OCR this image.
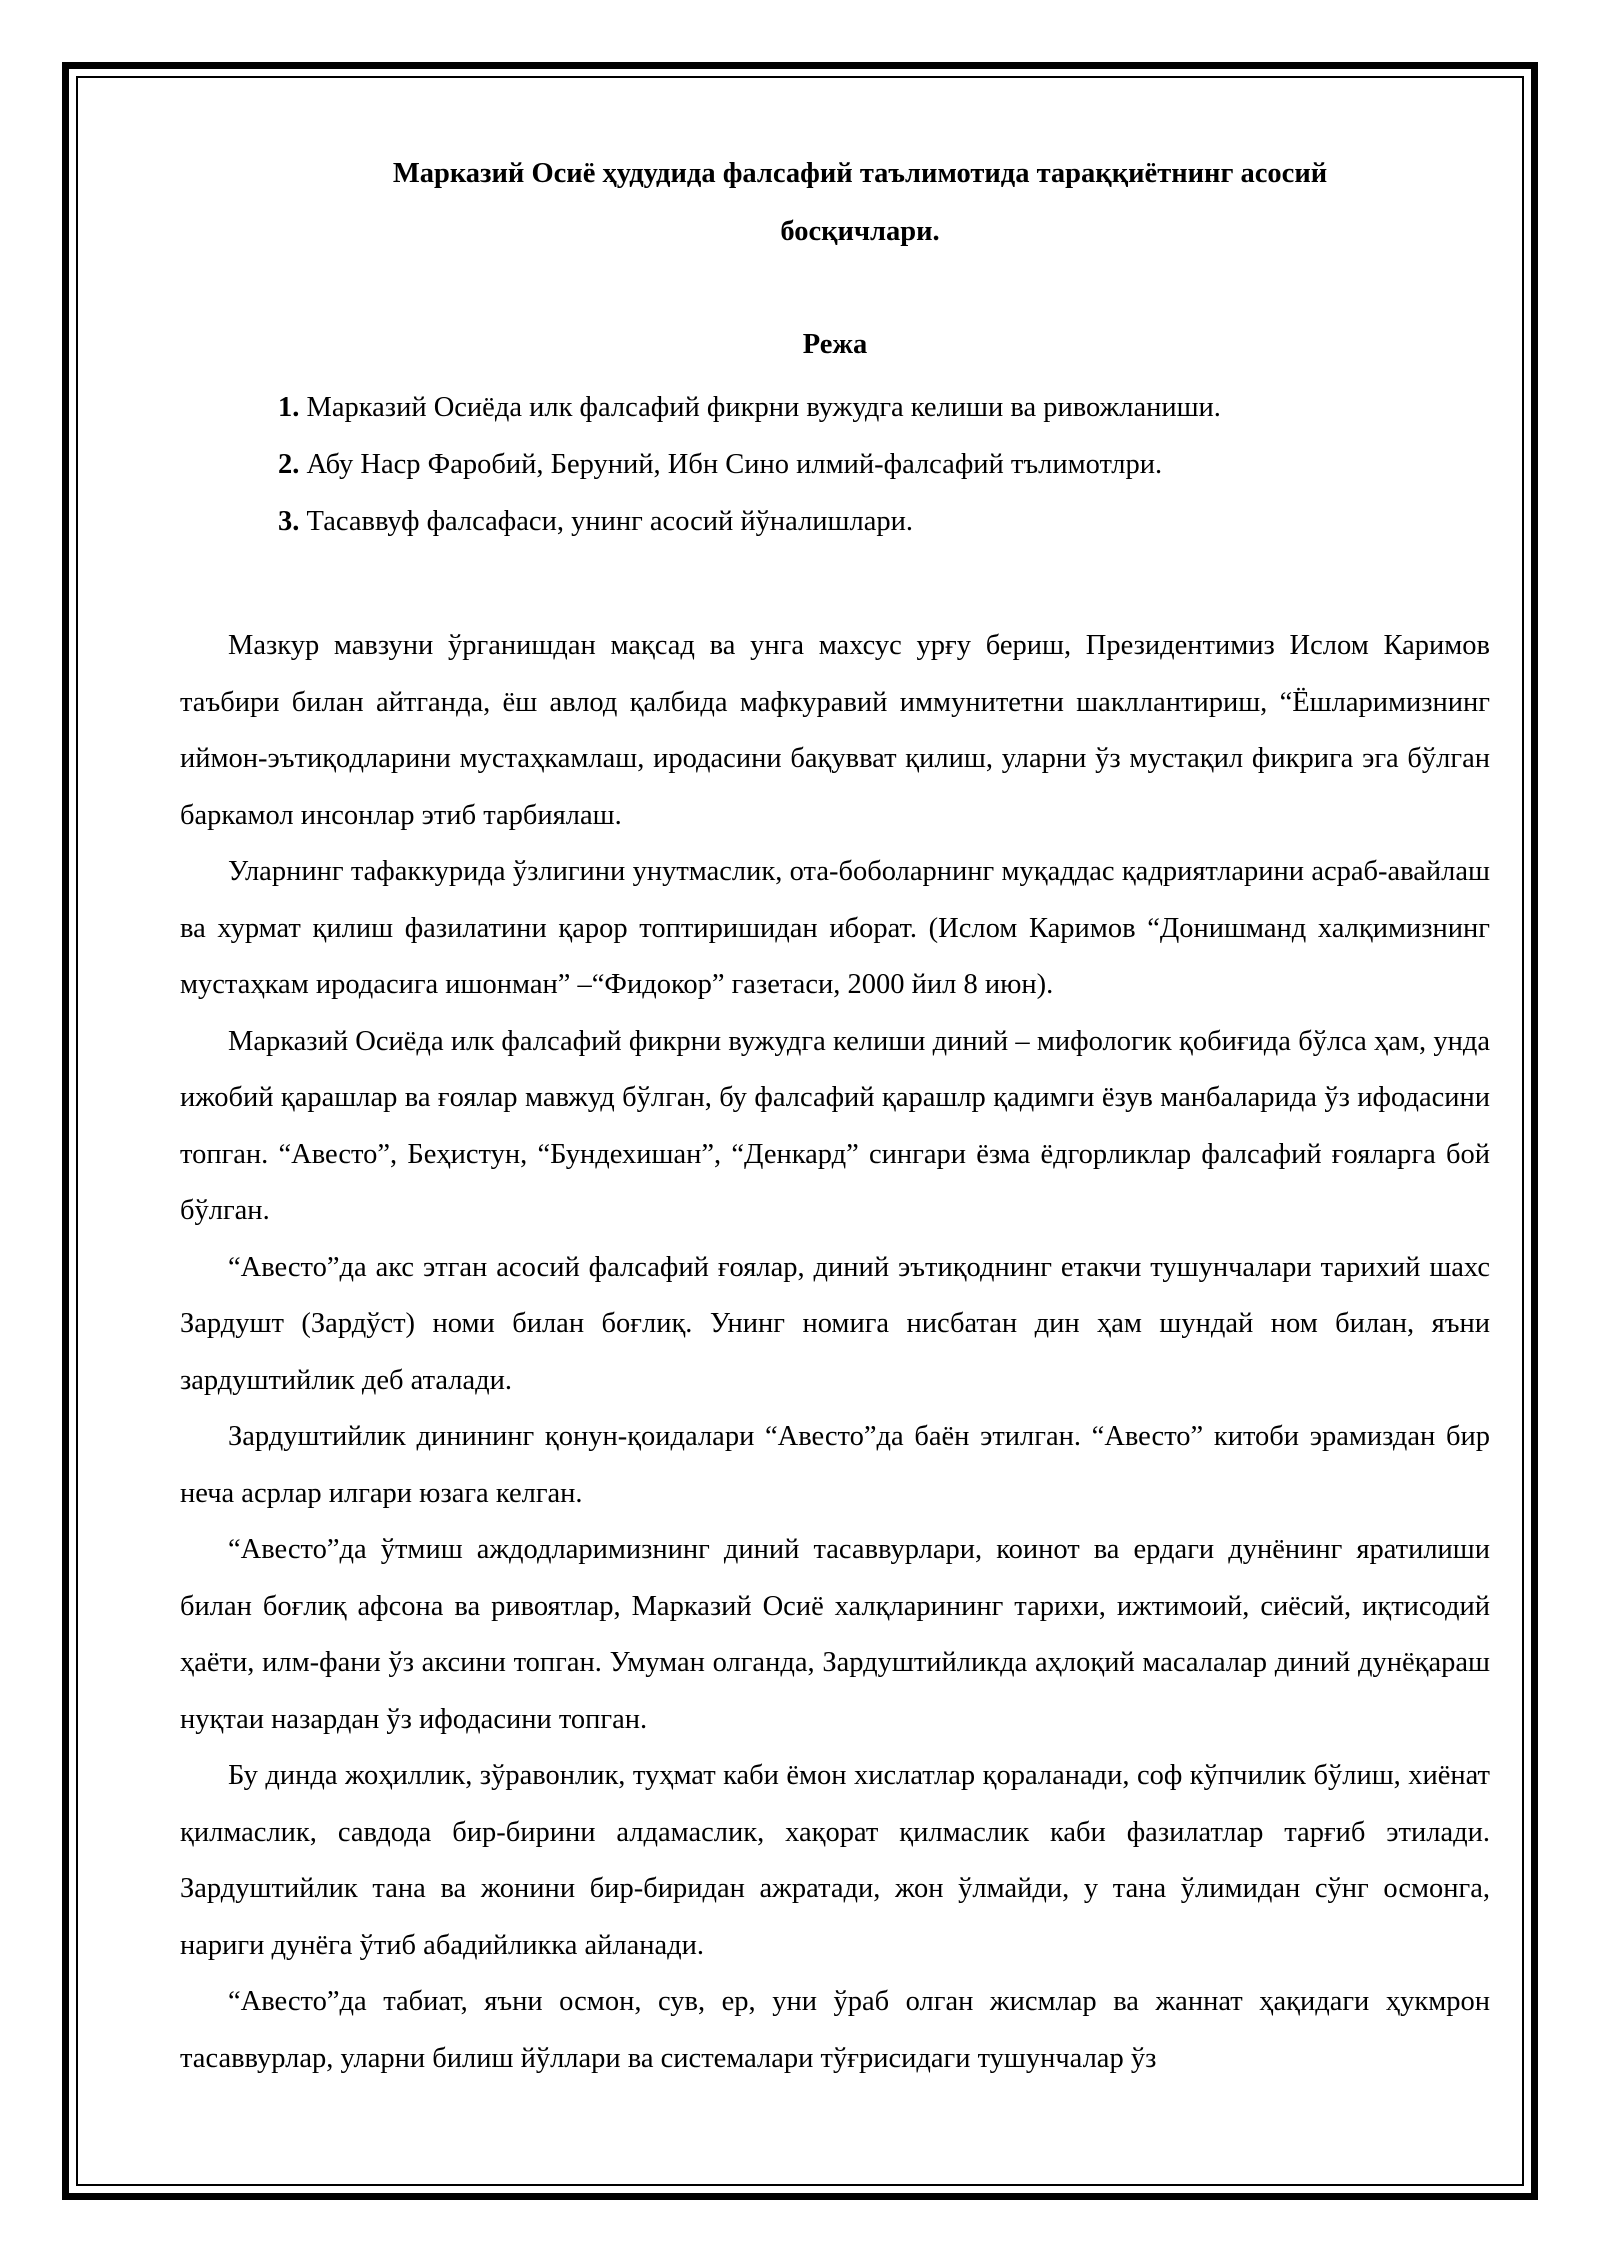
Марказий Осиё ҳудудида фалсафий таълимотида тараққиётнинг асосий
босқичлари.
Режа
1. Марказий Осиёда илк фалсафий фикрни вужудга келиши ва ривожланиши.
2. Абу Наср Фаробий, Беруний, Ибн Сино илмий-фалсафий тълимотлри.
3. Тасаввуф фалсафаси, унинг асосий йўналишлари.

Мазкур мавзуни ўрганишдан мақсад ва унга махсус урғу бериш, Президентимиз Ислом Каримов таъбири билан айтганда, ёш авлод қалбида мафкуравий иммунитетни шакллантириш, “Ёшларимизнинг иймон-эътиқодларини мустаҳкамлаш, иродасини бақувват қилиш, уларни ўз мустақил фикрига эга бўлган баркамол инсонлар этиб тарбиялаш.

Уларнинг тафаккурида ўзлигини унутмаслик, ота-боболарнинг муқаддас қадриятларини асраб-авайлаш ва хурмат қилиш фазилатини қарор топтиришидан иборат. (Ислом Каримов “Донишманд халқимизнинг мустаҳкам иродасига ишонман” –“Фидокор” газетаси, 2000 йил 8 июн).

Марказий Осиёда илк фалсафий фикрни вужудга келиши диний – мифологик қобиғида бўлса ҳам, унда ижобий қарашлар ва ғоялар мавжуд бўлган, бу фалсафий қарашлр қадимги ёзув манбаларида ўз ифодасини топган. “Авесто”, Беҳистун, “Бундехишан”, “Денкард” сингари ёзма ёдгорликлар фалсафий ғояларга бой бўлган.

“Авесто”да акс этган асосий фалсафий ғоялар, диний эътиқоднинг етакчи тушунчалари тарихий шахс Зардушт (Зардўст) номи билан боғлиқ. Унинг номига нисбатан дин ҳам шундай ном билан, яъни зардуштийлик деб аталади.

Зардуштийлик динининг қонун-қоидалари “Авесто”да баён этилган. “Авесто” китоби эрамиздан бир неча асрлар илгари юзага келган.

“Авесто”да ўтмиш аждодларимизнинг диний тасаввурлари, коинот ва ердаги дунёнинг яратилиши билан боғлиқ афсона ва ривоятлар, Марказий Осиё халқларининг тарихи, ижтимоий, сиёсий, иқтисодий ҳаёти, илм-фани ўз аксини топган. Умуман олганда, Зардуштийликда аҳлоқий масалалар диний дунёқараш нуқтаи назардан ўз ифодасини топган.

Бу динда жоҳиллик, зўравонлик, туҳмат каби ёмон хислатлар қораланади, соф кўпчилик бўлиш, хиёнат қилмаслик, савдода бир-бирини алдамаслик, хақорат қилмаслик каби фазилатлар тарғиб этилади. Зардуштийлик тана ва жонини бир-биридан ажратади, жон ўлмайди, у тана ўлимидан сўнг осмонга, нариги дунёга ўтиб абадийликка айланади.

“Авесто”да табиат, яъни осмон, сув, ер, уни ўраб олган жисмлар ва жаннат ҳақидаги ҳукмрон тасаввурлар, уларни билиш йўллари ва системалари тўғрисидаги тушунчалар ўз
